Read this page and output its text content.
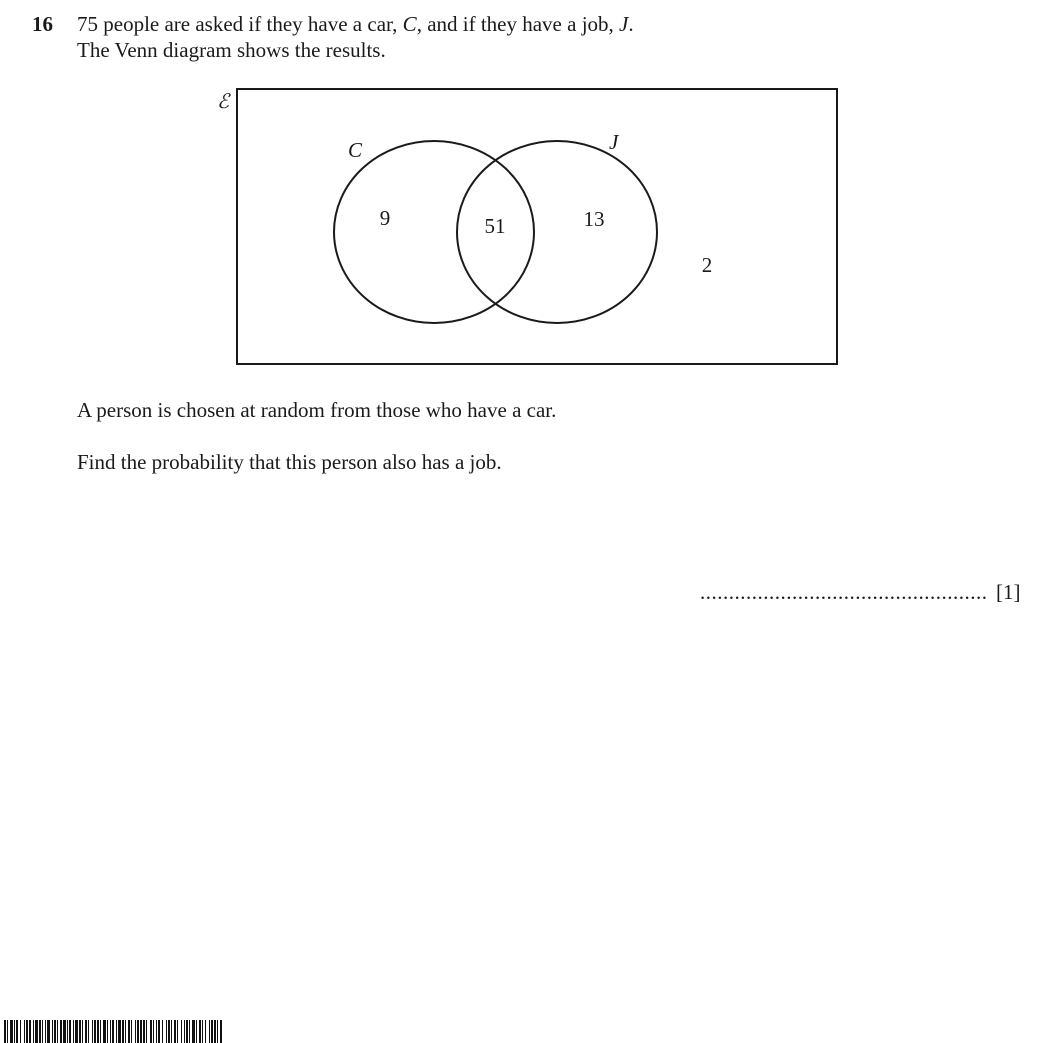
16 75 people are asked if they have a car, C, and if they have a job, J.
The Venn diagram shows the results.
ℰ
C	J
9	51	13
2
A person is chosen at random from those who have a car.
Find the probability that this person also has a job.
.................................................. [1]
